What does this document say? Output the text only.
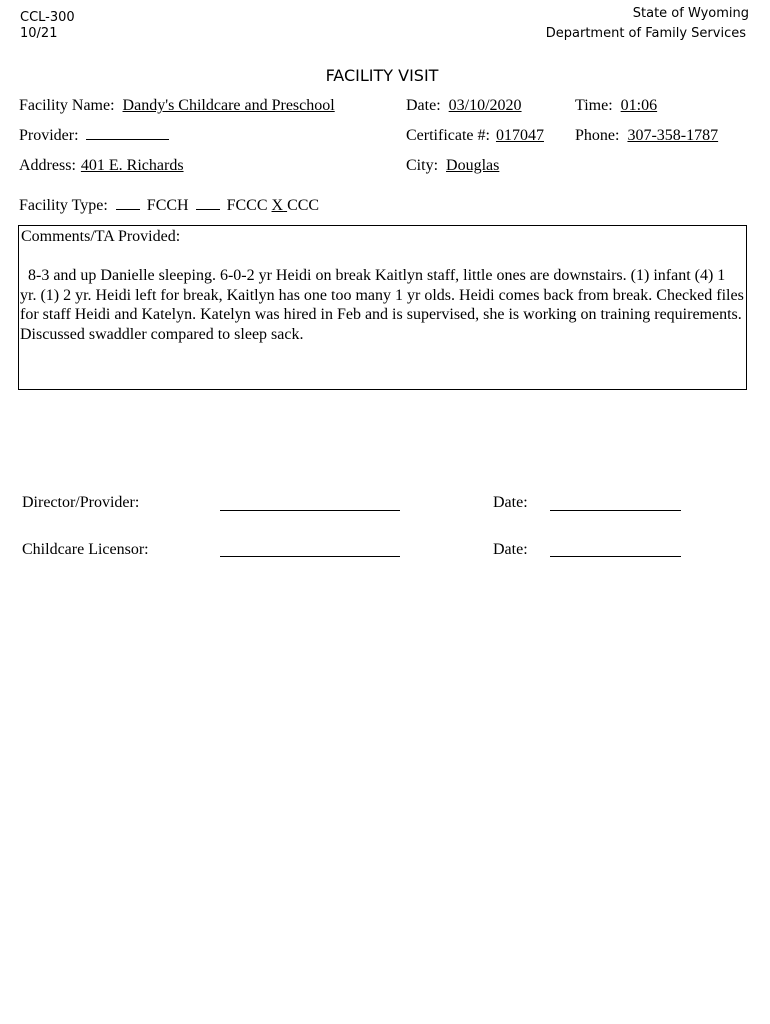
CCL-300
10/21
State of Wyoming
Department of Family Services
FACILITY VISIT
Facility Name: Dandy's Childcare and Preschool	Date: 03/10/2020	Time: 01:06
Provider:	Certificate #: 017047 Phone: 307-358-1787
Address: 401 E. Richards	City: Douglas
Facility Type: FCCH FCCC X CCC
Comments/TA Provided:
8-3 and up Danielle sleeping. 6-0-2 yr Heidi on break Kaitlyn staff, little ones are downstairs. (1) infant (4) 1 yr. (1) 2 yr. Heidi left for break, Kaitlyn has one too many 1 yr olds. Heidi comes back from break. Checked files for staff Heidi and Katelyn. Katelyn was hired in Feb and is supervised, she is working on training requirements. Discussed swaddler compared to sleep sack.
Director/Provider:	Date:
Childcare Licensor:	Date:
